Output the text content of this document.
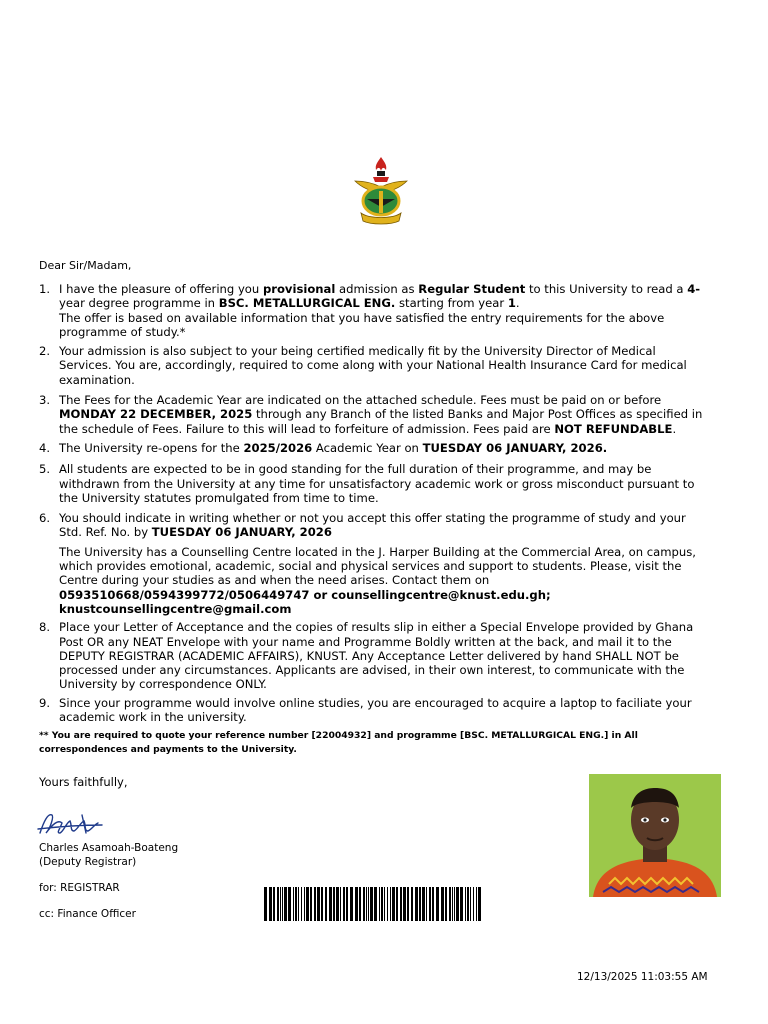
Dear Sir/Madam,
1. I have the pleasure of offering you provisional admission as Regular Student to this University to read a 4- year degree programme in BSC. METALLURGICAL ENG. starting from year 1.

The offer is based on available information that you have satisfied the entry requirements for the above programme of study.*

2. Your admission is also subject to your being certified medically fit by the University Director of Medical Services. You are, accordingly, required to come along with your National Health Insurance Card for medical examination.

3. The Fees for the Academic Year are indicated on the attached schedule. Fees must be paid on or before MONDAY 22 DECEMBER, 2025 through any Branch of the listed Banks and Major Post Offices as specified in the schedule of Fees. Failure to this will lead to forfeiture of admission. Fees paid are NOT REFUNDABLE.

4. The University re-opens for the 2025/2026 Academic Year on TUESDAY 06 JANUARY, 2026.

5. All students are expected to be in good standing for the full duration of their programme, and may be withdrawn from the University at any time for unsatisfactory academic work or gross misconduct pursuant to the University statutes promulgated from time to time.

6. You should indicate in writing whether or not you accept this offer stating the programme of study and your Std. Ref. No. by TUESDAY 06 JANUARY, 2026

The University has a Counselling Centre located in the J. Harper Building at the Commercial Area, on campus, which provides emotional, academic, social and physical services and support to students. Please, visit the Centre during your studies as and when the need arises. Contact them on 0593510668/0594399772/0506449747 or counsellingcentre@knust.edu.gh; knustcounsellingcentre@gmail.com

8. Place your Letter of Acceptance and the copies of results slip in either a Special Envelope provided by Ghana Post OR any NEAT Envelope with your name and Programme Boldly written at the back, and mail it to the DEPUTY REGISTRAR (ACADEMIC AFFAIRS), KNUST. Any Acceptance Letter delivered by hand SHALL NOT be processed under any circumstances. Applicants are advised, in their own interest, to communicate with the University by correspondence ONLY.

9. Since your programme would involve online studies, you are encouraged to acquire a laptop to faciliate your academic work in the university.

** You are required to quote your reference number [22004932] and programme [BSC. METALLURGICAL ENG.] in All correspondences and payments to the University.
Yours faithfully,
Charles Asamoah-Boateng
(Deputy Registrar)
for: REGISTRAR
cc: Finance Officer
12/13/2025 11:03:55 AM
